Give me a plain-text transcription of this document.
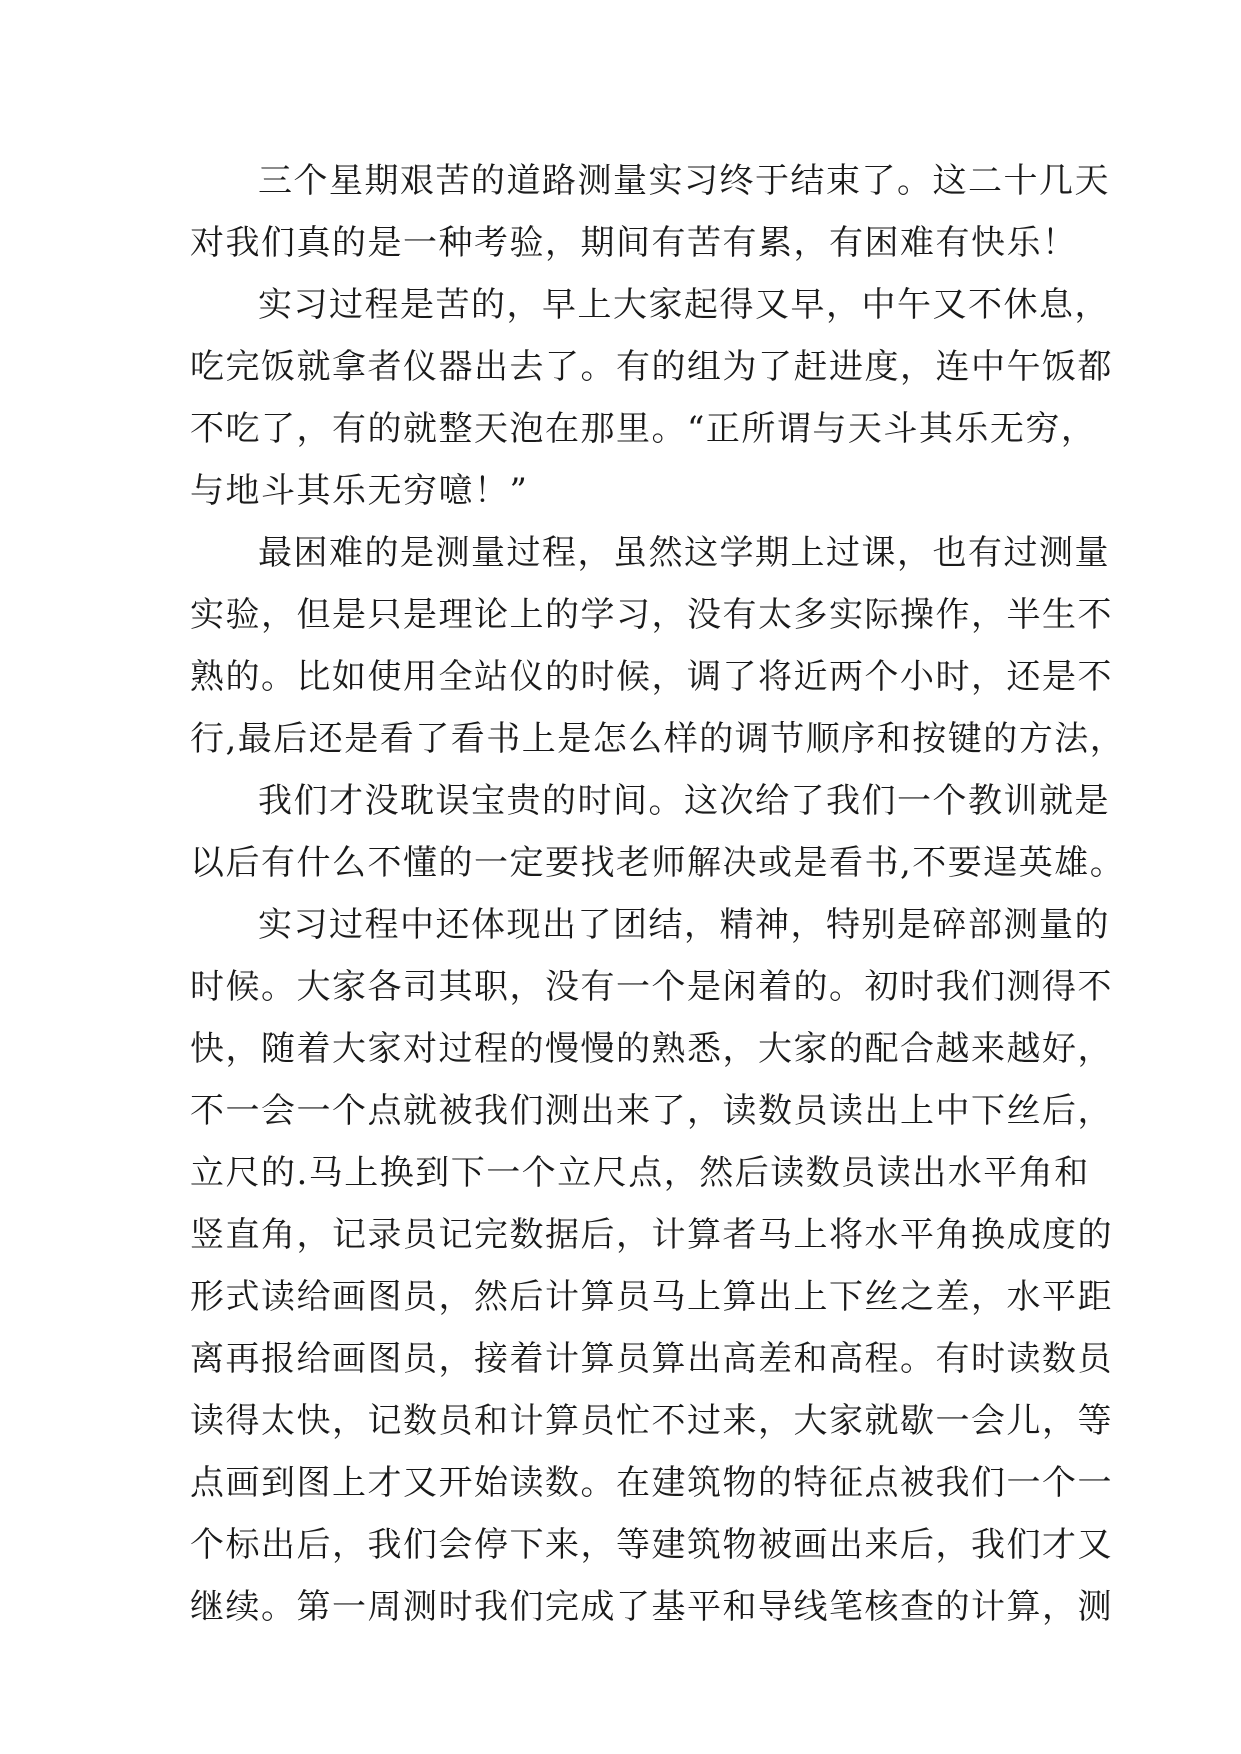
三个星期艰苦的道路测量实习终于结束了。这二十几天
对我们真的是一种考验，期间有苦有累，有困难有快乐！

实习过程是苦的，早上大家起得又早，中午又不休息，
吃完饭就拿者仪器出去了。有的组为了赶进度，连中午饭都
不吃了，有的就整天泡在那里。“正所谓与天斗其乐无穷，
与地斗其乐无穷噫！”

最困难的是测量过程，虽然这学期上过课，也有过测量
实验，但是只是理论上的学习，没有太多实际操作，半生不
熟的。比如使用全站仪的时候，调了将近两个小时，还是不
行,最后还是看了看书上是怎么样的调节顺序和按键的方法，

我们才没耽误宝贵的时间。这次给了我们一个教训就是
以后有什么不懂的一定要找老师解决或是看书,不要逞英雄。

实习过程中还体现出了团结，精神，特别是碎部测量的
时候。大家各司其职，没有一个是闲着的。初时我们测得不
快，随着大家对过程的慢慢的熟悉，大家的配合越来越好，
不一会一个点就被我们测出来了，读数员读出上中下丝后，
立尺的.马上换到下一个立尺点，然后读数员读出水平角和
竖直角，记录员记完数据后，计算者马上将水平角换成度的
形式读给画图员，然后计算员马上算出上下丝之差，水平距
离再报给画图员，接着计算员算出高差和高程。有时读数员
读得太快，记数员和计算员忙不过来，大家就歇一会儿，等
点画到图上才又开始读数。在建筑物的特征点被我们一个一
个标出后，我们会停下来，等建筑物被画出来后，我们才又
继续。第一周测时我们完成了基平和导线笔核查的计算，测
